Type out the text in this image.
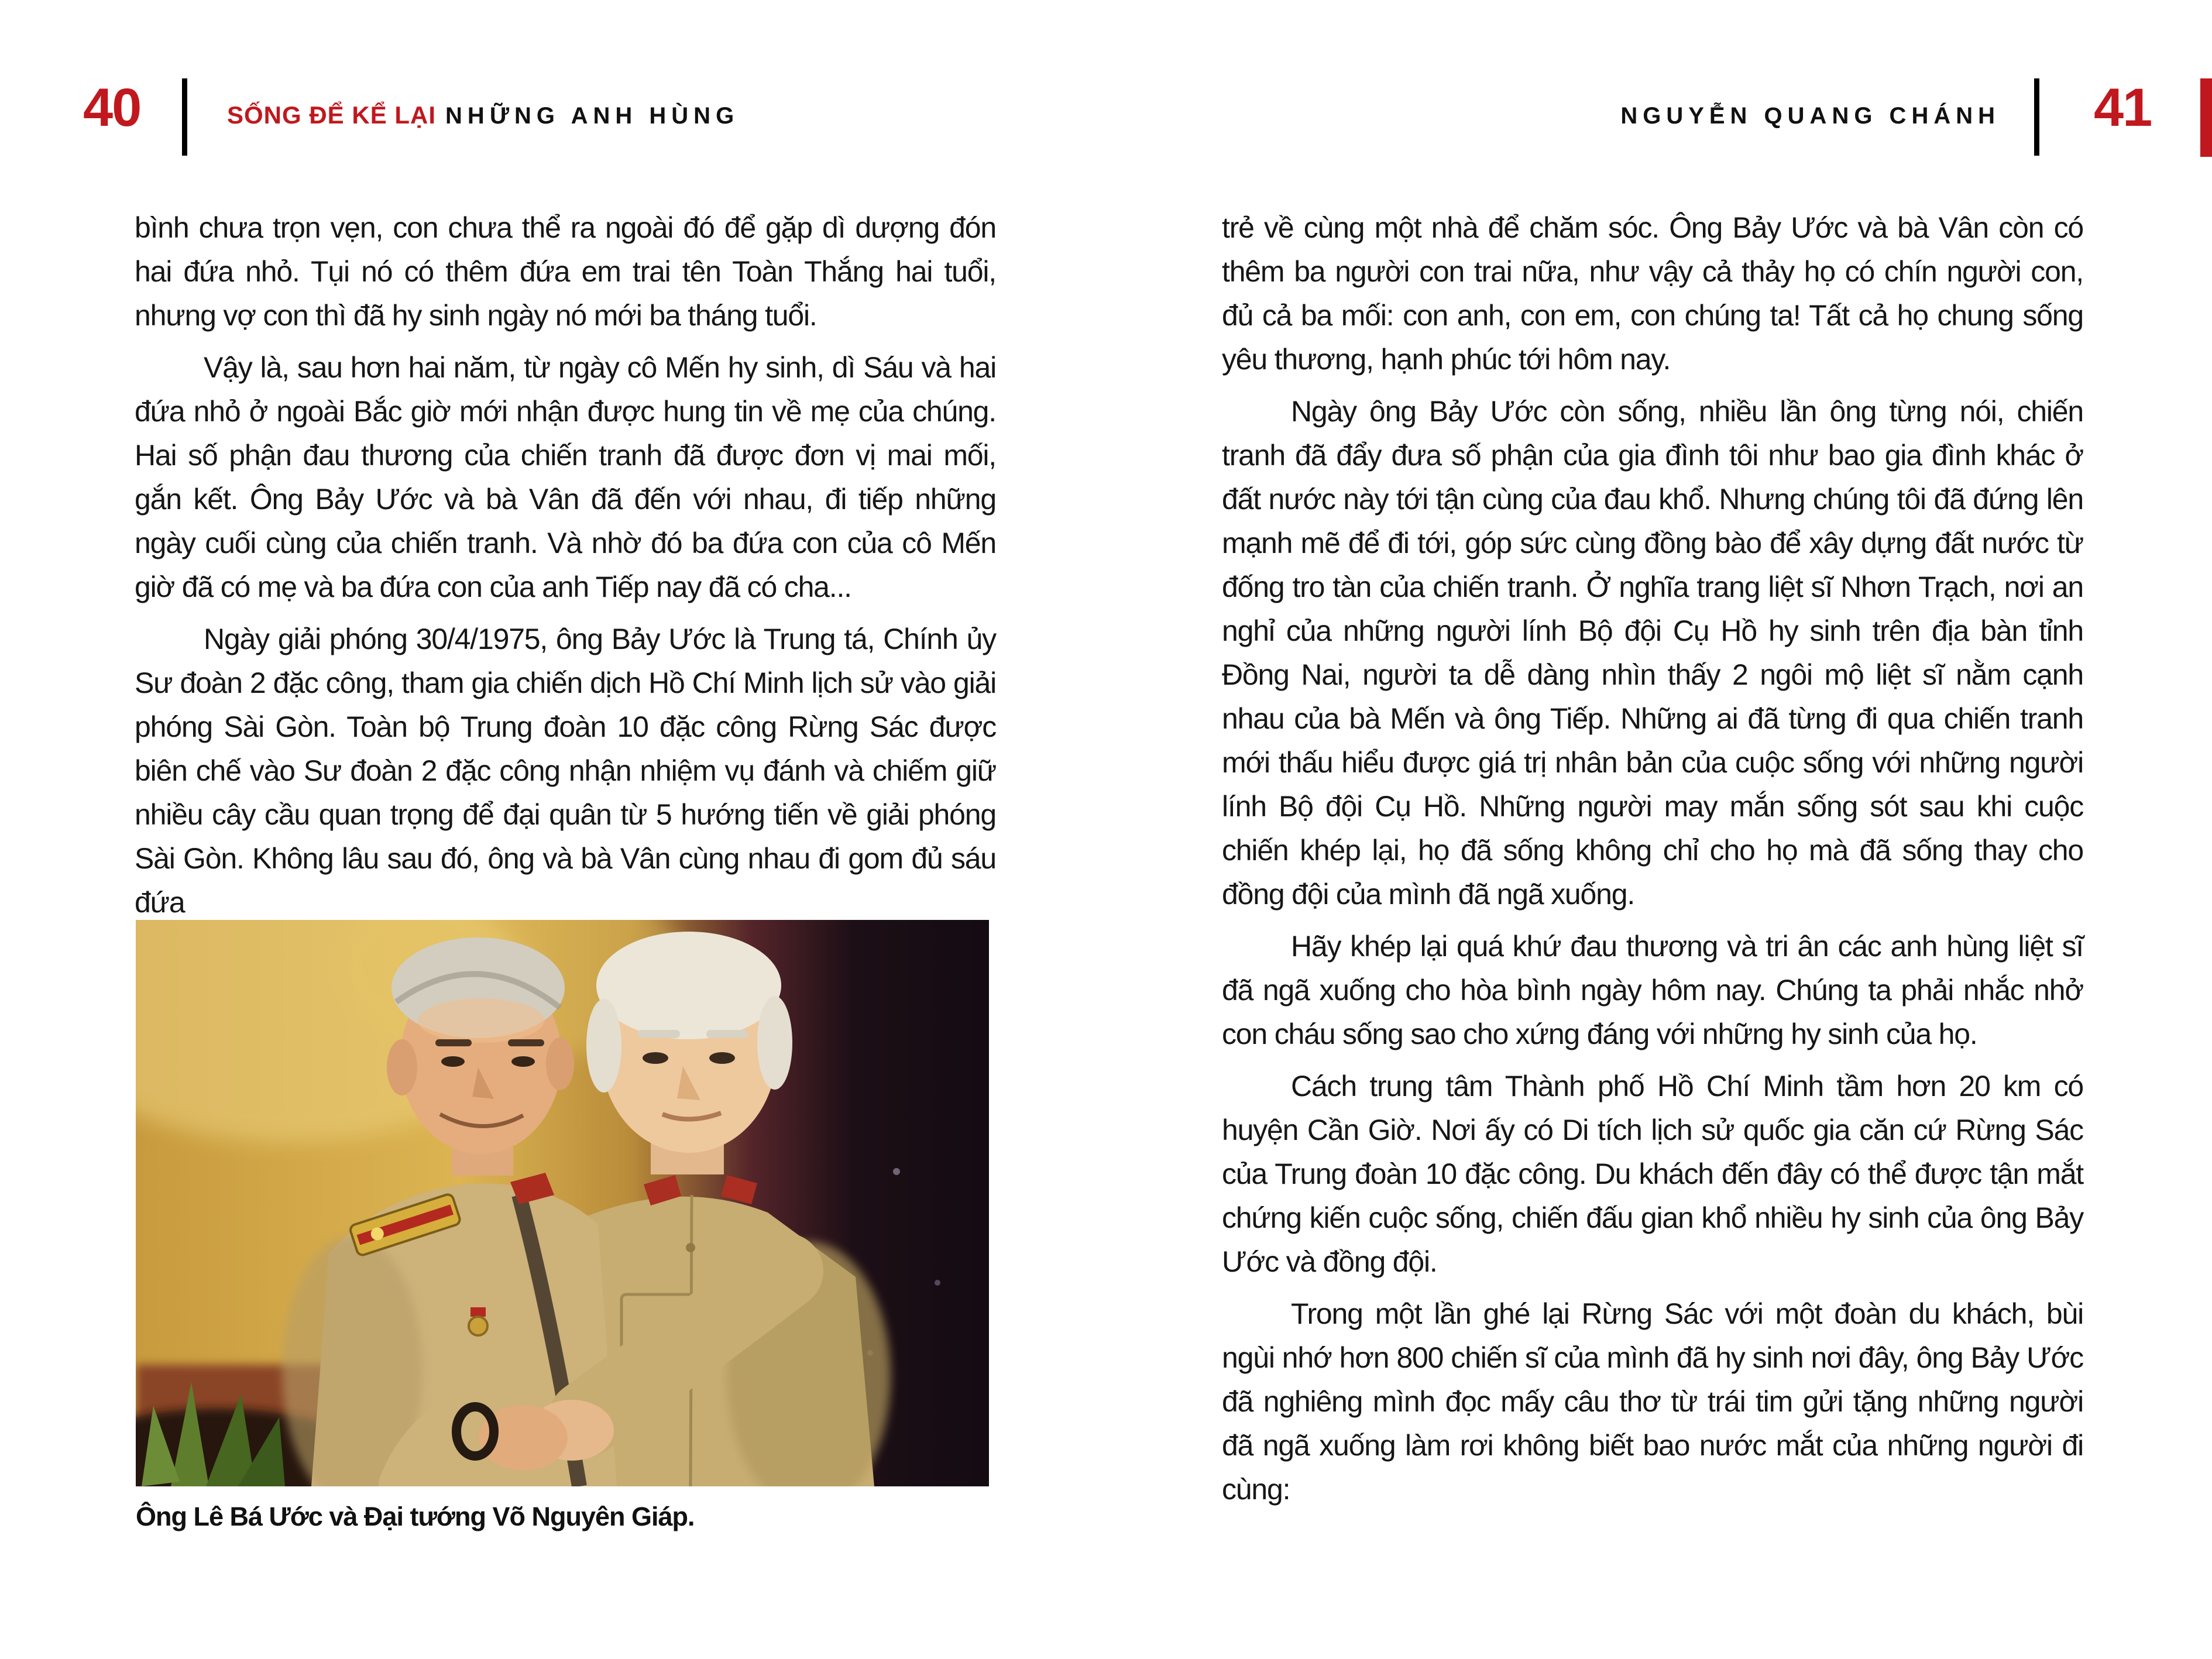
40	SỐNG ĐỂ KỂ LẠI NHỮNG ANH HÙNG	NGUYỄN QUANG CHÁNH 41

bình chưa trọn vẹn, con chưa thể ra ngoài đó để gặp dì dượng đón hai đứa nhỏ. Tụi nó có thêm đứa em trai tên Toàn Thắng hai tuổi, nhưng vợ con thì đã hy sinh ngày nó mới ba tháng tuổi.

Vậy là, sau hơn hai năm, từ ngày cô Mến hy sinh, dì Sáu và hai đứa nhỏ ở ngoài Bắc giờ mới nhận được hung tin về mẹ của chúng. Hai số phận đau thương của chiến tranh đã được đơn vị mai mối, gắn kết. Ông Bảy Ước và bà Vân đã đến với nhau, đi tiếp những ngày cuối cùng của chiến tranh. Và nhờ đó ba đứa con của cô Mến giờ đã có mẹ và ba đứa con của anh Tiếp nay đã có cha...

Ngày giải phóng 30/4/1975, ông Bảy Ước là Trung tá, Chính ủy Sư đoàn 2 đặc công, tham gia chiến dịch Hồ Chí Minh lịch sử vào giải phóng Sài Gòn. Toàn bộ Trung đoàn 10 đặc công Rừng Sác được biên chế vào Sư đoàn 2 đặc công nhận nhiệm vụ đánh và chiếm giữ nhiều cây cầu quan trọng để đại quân từ 5 hướng tiến về giải phóng Sài Gòn. Không lâu sau đó, ông và bà Vân cùng nhau đi gom đủ sáu đứa

Ông Lê Bá Ước và Đại tướng Võ Nguyên Giáp.

trẻ về cùng một nhà để chăm sóc. Ông Bảy Ước và bà Vân còn có thêm ba người con trai nữa, như vậy cả thảy họ có chín người con, đủ cả ba mối: con anh, con em, con chúng ta! Tất cả họ chung sống yêu thương, hạnh phúc tới hôm nay.

Ngày ông Bảy Ước còn sống, nhiều lần ông từng nói, chiến tranh đã đẩy đưa số phận của gia đình tôi như bao gia đình khác ở đất nước này tới tận cùng của đau khổ. Nhưng chúng tôi đã đứng lên mạnh mẽ để đi tới, góp sức cùng đồng bào để xây dựng đất nước từ đống tro tàn của chiến tranh. Ở nghĩa trang liệt sĩ Nhơn Trạch, nơi an nghỉ của những người lính Bộ đội Cụ Hồ hy sinh trên địa bàn tỉnh Đồng Nai, người ta dễ dàng nhìn thấy 2 ngôi mộ liệt sĩ nằm cạnh nhau của bà Mến và ông Tiếp. Những ai đã từng đi qua chiến tranh mới thấu hiểu được giá trị nhân bản của cuộc sống với những người lính Bộ đội Cụ Hồ. Những người may mắn sống sót sau khi cuộc chiến khép lại, họ đã sống không chỉ cho họ mà đã sống thay cho đồng đội của mình đã ngã xuống.

Hãy khép lại quá khứ đau thương và tri ân các anh hùng liệt sĩ đã ngã xuống cho hòa bình ngày hôm nay. Chúng ta phải nhắc nhở con cháu sống sao cho xứng đáng với những hy sinh của họ.

Cách trung tâm Thành phố Hồ Chí Minh tầm hơn 20 km có huyện Cần Giờ. Nơi ấy có Di tích lịch sử quốc gia căn cứ Rừng Sác của Trung đoàn 10 đặc công. Du khách đến đây có thể được tận mắt chứng kiến cuộc sống, chiến đấu gian khổ nhiều hy sinh của ông Bảy Ước và đồng đội.

Trong một lần ghé lại Rừng Sác với một đoàn du khách, bùi ngùi nhớ hơn 800 chiến sĩ của mình đã hy sinh nơi đây, ông Bảy Ước đã nghiêng mình đọc mấy câu thơ từ trái tim gửi tặng những người đã ngã xuống làm rơi không biết bao nước mắt của những người đi cùng:
